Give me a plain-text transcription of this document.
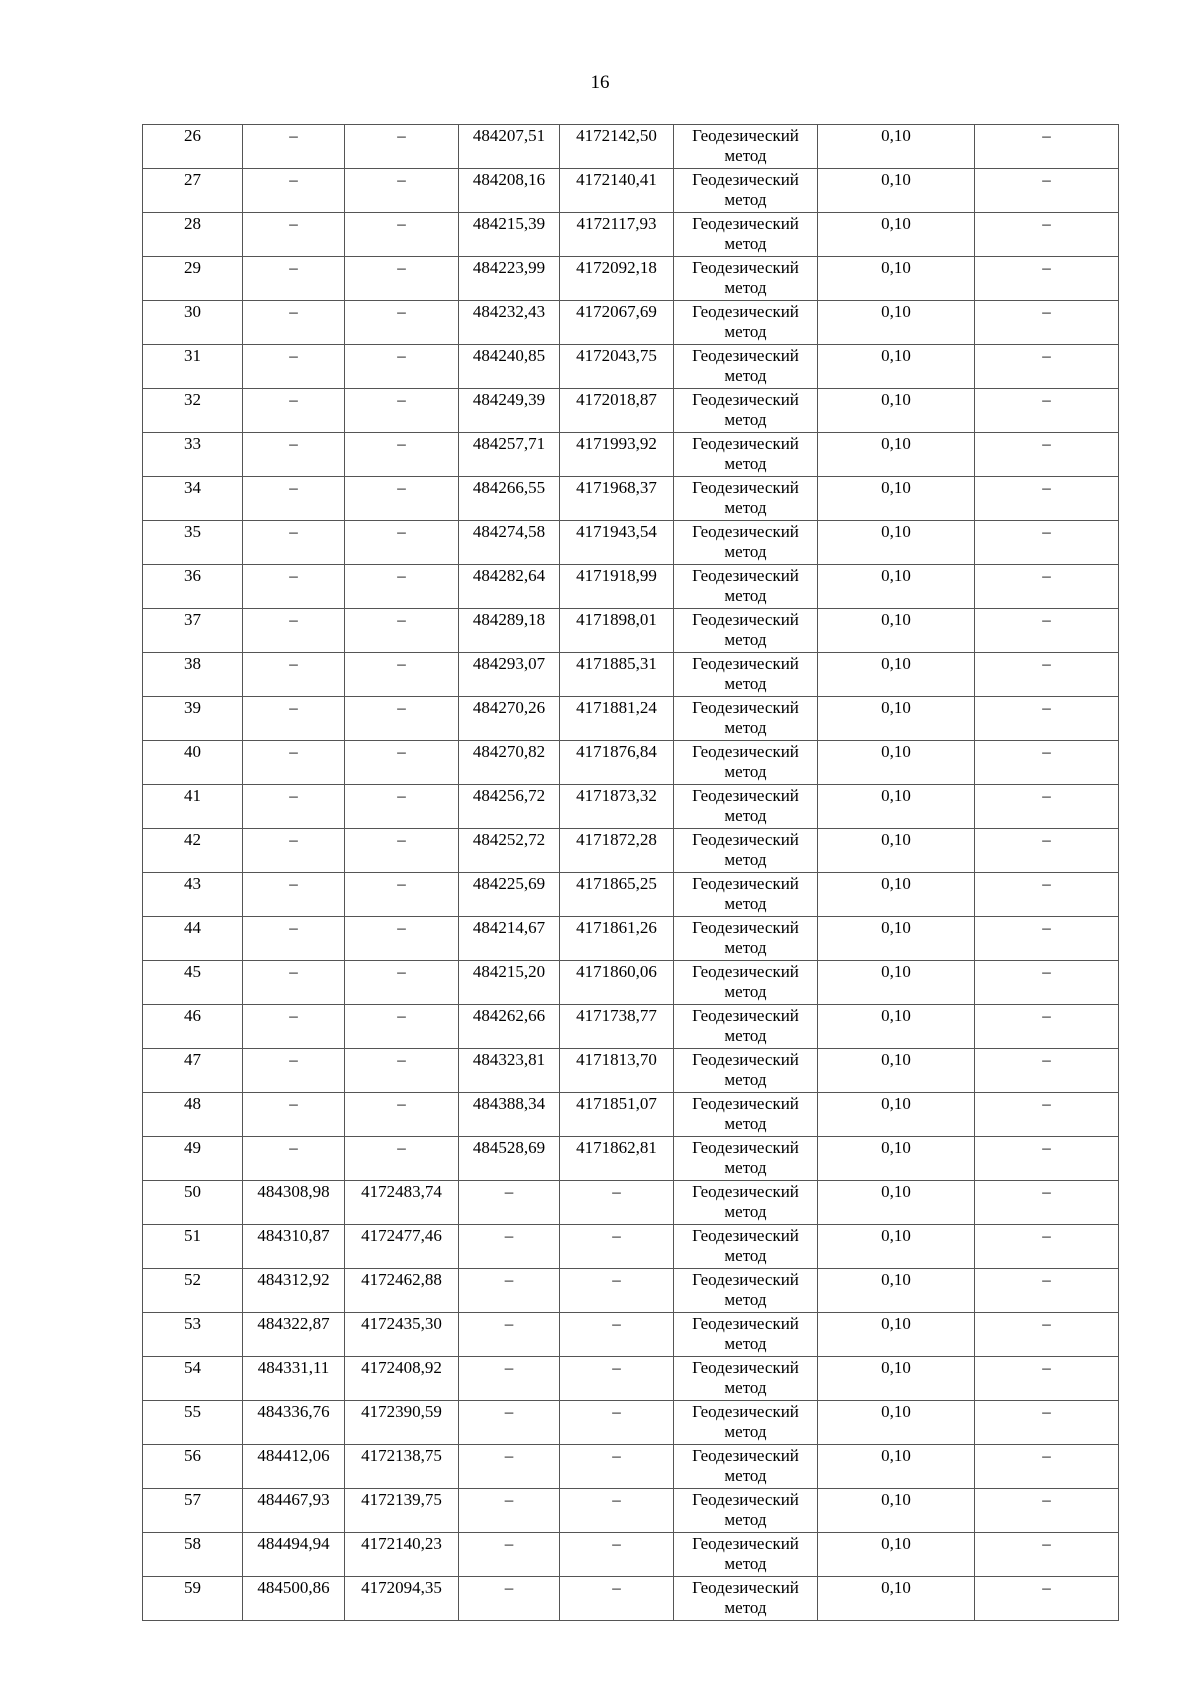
16
26	–	–	484207,51	4172142,50	Геодезический метод	0,10	–
27	–	–	484208,16	4172140,41	Геодезический метод	0,10	–
28	–	–	484215,39	4172117,93	Геодезический метод	0,10	–
29	–	–	484223,99	4172092,18	Геодезический метод	0,10	–
30	–	–	484232,43	4172067,69	Геодезический метод	0,10	–
31	–	–	484240,85	4172043,75	Геодезический метод	0,10	–
32	–	–	484249,39	4172018,87	Геодезический метод	0,10	–
33	–	–	484257,71	4171993,92	Геодезический метод	0,10	–
34	–	–	484266,55	4171968,37	Геодезический метод	0,10	–
35	–	–	484274,58	4171943,54	Геодезический метод	0,10	–
36	–	–	484282,64	4171918,99	Геодезический метод	0,10	–
37	–	–	484289,18	4171898,01	Геодезический метод	0,10	–
38	–	–	484293,07	4171885,31	Геодезический метод	0,10	–
39	–	–	484270,26	4171881,24	Геодезический метод	0,10	–
40	–	–	484270,82	4171876,84	Геодезический метод	0,10	–
41	–	–	484256,72	4171873,32	Геодезический метод	0,10	–
42	–	–	484252,72	4171872,28	Геодезический метод	0,10	–
43	–	–	484225,69	4171865,25	Геодезический метод	0,10	–
44	–	–	484214,67	4171861,26	Геодезический метод	0,10	–
45	–	–	484215,20	4171860,06	Геодезический метод	0,10	–
46	–	–	484262,66	4171738,77	Геодезический метод	0,10	–
47	–	–	484323,81	4171813,70	Геодезический метод	0,10	–
48	–	–	484388,34	4171851,07	Геодезический метод	0,10	–
49	–	–	484528,69	4171862,81	Геодезический метод	0,10	–
50	484308,98	4172483,74	–	–	Геодезический метод	0,10	–
51	484310,87	4172477,46	–	–	Геодезический метод	0,10	–
52	484312,92	4172462,88	–	–	Геодезический метод	0,10	–
53	484322,87	4172435,30	–	–	Геодезический метод	0,10	–
54	484331,11	4172408,92	–	–	Геодезический метод	0,10	–
55	484336,76	4172390,59	–	–	Геодезический метод	0,10	–
56	484412,06	4172138,75	–	–	Геодезический метод	0,10	–
57	484467,93	4172139,75	–	–	Геодезический метод	0,10	–
58	484494,94	4172140,23	–	–	Геодезический метод	0,10	–
59	484500,86	4172094,35	–	–	Геодезический метод	0,10	–
